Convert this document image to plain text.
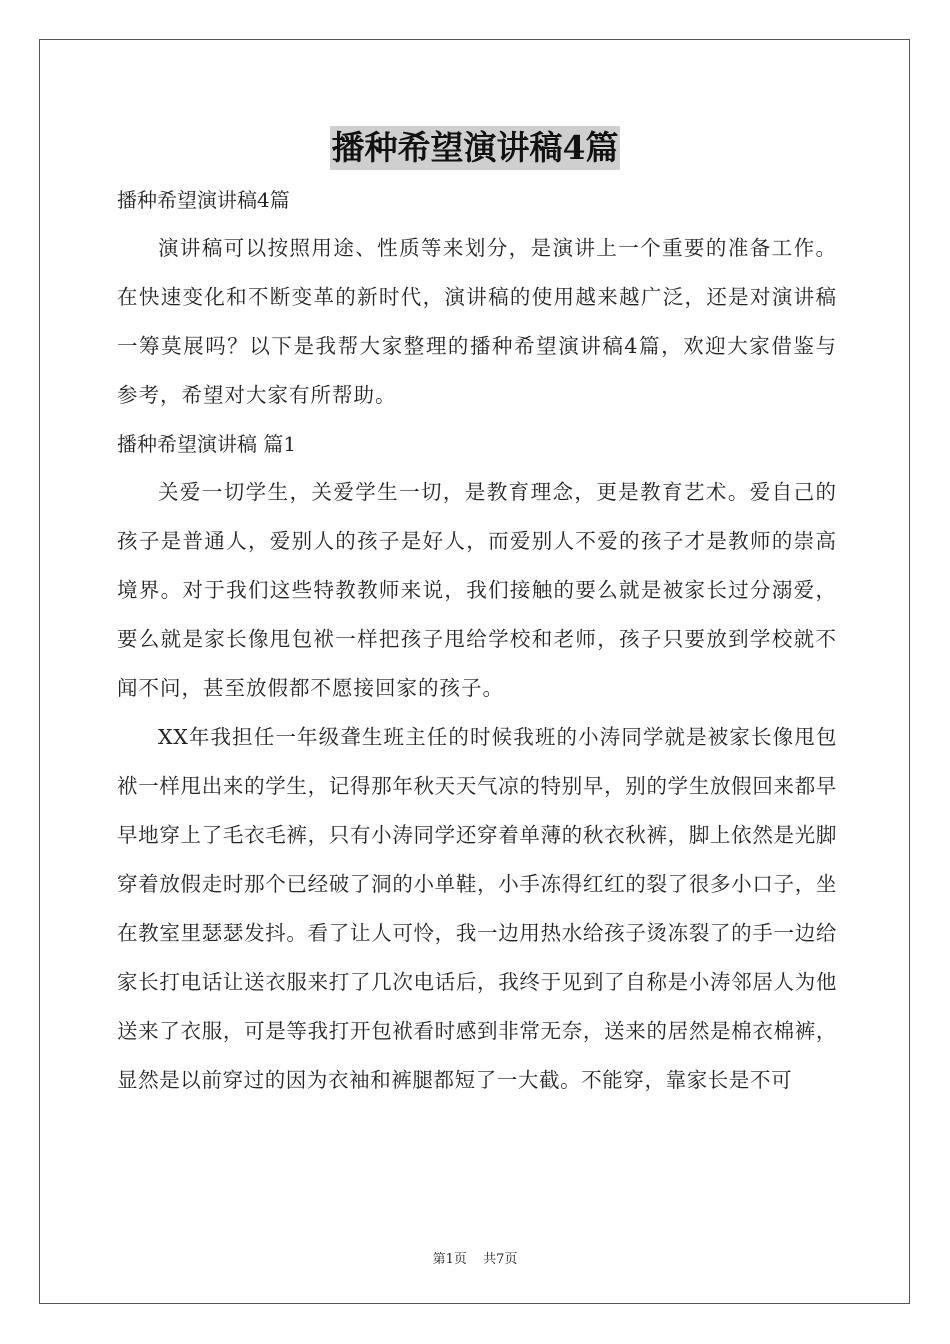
播种希望演讲稿4篇

播种希望演讲稿4篇

演讲稿可以按照用途、性质等来划分，是演讲上一个重要的准备工作。在快速变化和不断变革的新时代，演讲稿的使用越来越广泛，还是对演讲稿一筹莫展吗？以下是我帮大家整理的播种希望演讲稿4篇，欢迎大家借鉴与参考，希望对大家有所帮助。

播种希望演讲稿 篇1

关爱一切学生，关爱学生一切，是教育理念，更是教育艺术。爱自己的孩子是普通人，爱别人的孩子是好人，而爱别人不爱的孩子才是教师的崇高境界。对于我们这些特教教师来说，我们接触的要么就是被家长过分溺爱，要么就是家长像甩包袱一样把孩子甩给学校和老师，孩子只要放到学校就不闻不问，甚至放假都不愿接回家的孩子。

XX年我担任一年级聋生班主任的时候我班的小涛同学就是被家长像甩包袱一样甩出来的学生，记得那年秋天天气凉的特别早，别的学生放假回来都早早地穿上了毛衣毛裤，只有小涛同学还穿着单薄的秋衣秋裤，脚上依然是光脚穿着放假走时那个已经破了洞的小单鞋，小手冻得红红的裂了很多小口子，坐在教室里瑟瑟发抖。看了让人可怜，我一边用热水给孩子烫冻裂了的手一边给家长打电话让送衣服来打了几次电话后，我终于见到了自称是小涛邻居人为他送来了衣服，可是等我打开包袱看时感到非常无奈，送来的居然是棉衣棉裤，显然是以前穿过的因为衣袖和裤腿都短了一大截。不能穿，靠家长是不可

第1页 共7页
